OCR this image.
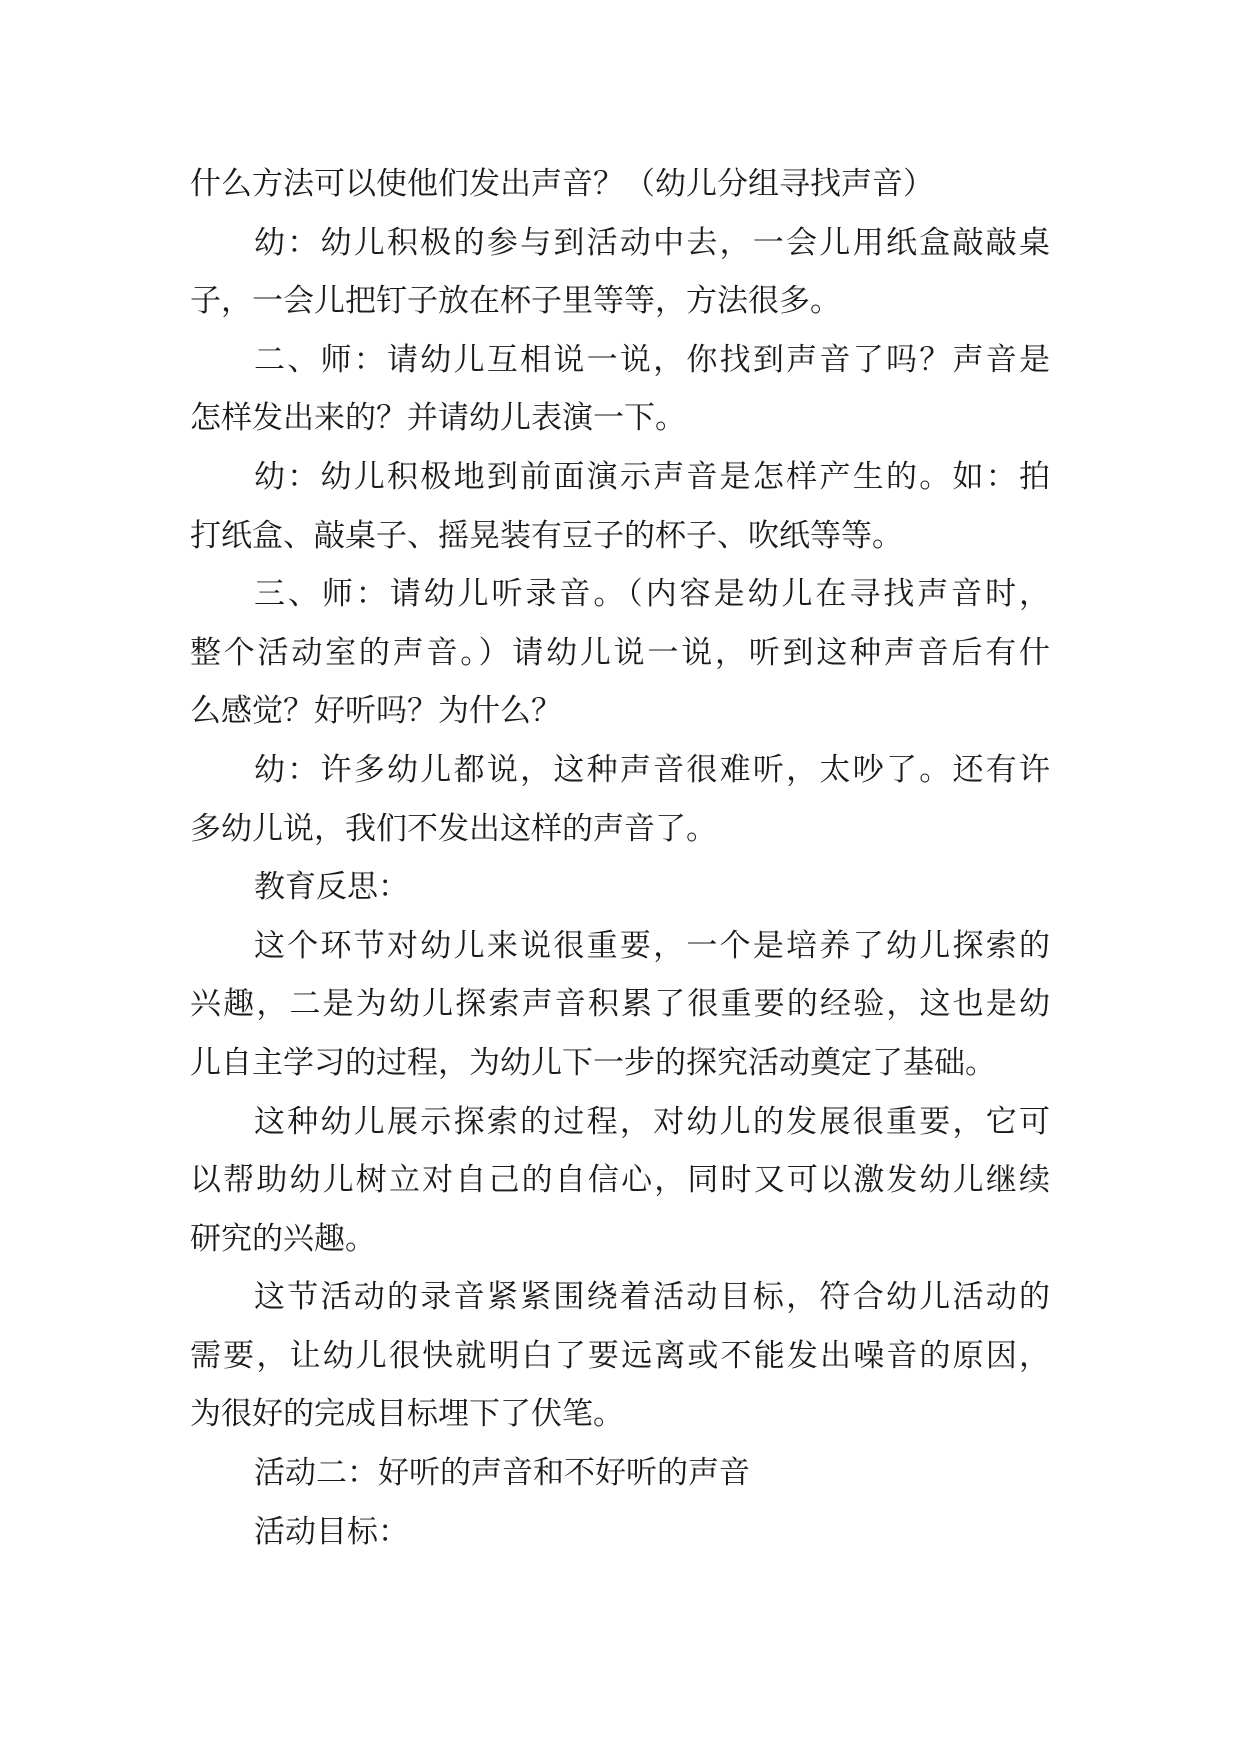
什么方法可以使他们发出声音？（幼儿分组寻找声音）
幼：幼儿积极的参与到活动中去，一会儿用纸盒敲敲桌
子，一会儿把钉子放在杯子里等等，方法很多。
二、师：请幼儿互相说一说，你找到声音了吗？声音是
怎样发出来的？并请幼儿表演一下。
幼：幼儿积极地到前面演示声音是怎样产生的。如：拍
打纸盒、敲桌子、摇晃装有豆子的杯子、吹纸等等。
三、师：请幼儿听录音。（内容是幼儿在寻找声音时，
整个活动室的声音。）请幼儿说一说，听到这种声音后有什
么感觉？好听吗？为什么？
幼：许多幼儿都说，这种声音很难听，太吵了。还有许
多幼儿说，我们不发出这样的声音了。
教育反思：
这个环节对幼儿来说很重要，一个是培养了幼儿探索的
兴趣，二是为幼儿探索声音积累了很重要的经验，这也是幼
儿自主学习的过程，为幼儿下一步的探究活动奠定了基础。
这种幼儿展示探索的过程，对幼儿的发展很重要，它可
以帮助幼儿树立对自己的自信心，同时又可以激发幼儿继续
研究的兴趣。
这节活动的录音紧紧围绕着活动目标，符合幼儿活动的
需要，让幼儿很快就明白了要远离或不能发出噪音的原因，
为很好的完成目标埋下了伏笔。
活动二：好听的声音和不好听的声音
活动目标：
